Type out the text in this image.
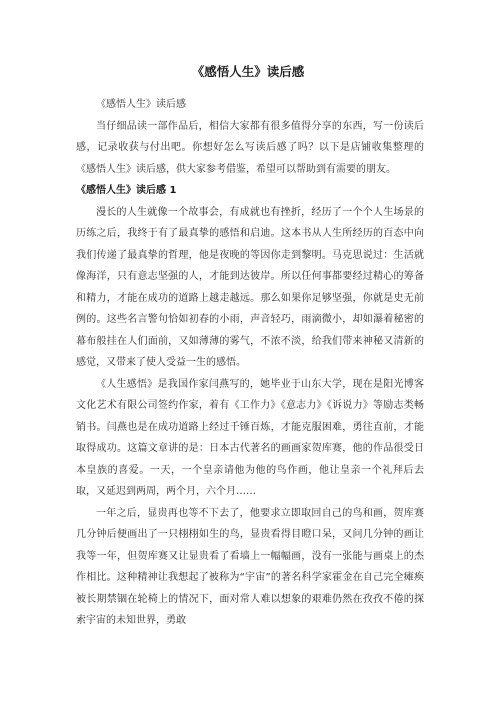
《感悟人生》读后感

《感悟人生》读后感

当仔细品读一部作品后，相信大家都有很多值得分享的东西，写一份读后感，记录收获与付出吧。你想好怎么写读后感了吗？以下是店铺收集整理的《感悟人生》读后感，供大家参考借鉴，希望可以帮助到有需要的朋友。

《感悟人生》读后感 1

漫长的人生就像一个故事会，有成就也有挫折，经历了一个个人生场景的历练之后，我终于有了最真挚的感悟和启迪。这本书从人生所经历的百态中向我们传递了最真挚的哲理，他是夜晚的等因你走到黎明。马克思说过：生活就像海洋，只有意志坚强的人，才能到达彼岸。所以任何事都要经过精心的筹备和精力，才能在成功的道路上越走越远。那么如果你足够坚强，你就是史无前例的。这些名言警句恰如初春的小雨，声音轻巧，雨滴微小，却如瀑着秘密的幕布般挂在人们面前，又如薄薄的雾气，不浓不淡，给我们带来神秘又清新的感觉，又带来了使人受益一生的感悟。

《人生感悟》是我国作家闫燕写的，她毕业于山东大学，现在是阳光博客文化艺术有限公司签约作家，着有《工作力》《意志力》《诉说力》等励志类畅销书。闫燕也是在成功道路上经过千锤百炼，才能克服困难，勇往直前，才能取得成功。这篇文章讲的是：日本古代著名的画画家贺库赛，他的作品很受日本皇族的喜爱。一天，一个皇亲请他为他的鸟作画，他让皇亲一个礼拜后去取，又延迟到两周，两个月，六个月……

一年之后，显贵再也等不下去了，他要求立即取回自己的鸟和画，贺库赛几分钟后便画出了一只栩栩如生的鸟，显贵看得目瞪口呆，又问几分钟的画让我等一年，但贺库赛又让显贵看了看墙上一幅幅画，没有一张能与画桌上的杰作相比。这种精神让我想起了被称为“宇宙”的著名科学家霍金在自己完全瘫痪被长期禁锢在轮椅上的情况下，面对常人难以想象的艰难仍然在孜孜不倦的探索宇宙的未知世界，勇敢
